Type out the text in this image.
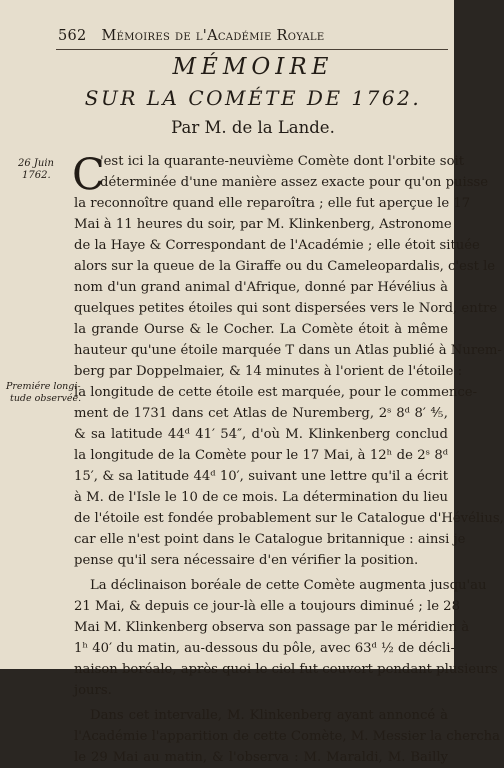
562 Mémoires de l'Académie Royale
MÉMOIRE
SUR LA COMÉTE DE 1762.
Par M. de la Lande.
26 Juin
1762.
Premiére longi-
tude observée.
C
'est ici la quarante-neuvième Comète dont l'orbite soit
déterminée d'une manière assez exacte pour qu'on puisse
la reconnoître quand elle reparoîtra ; elle fut aperçue le 17
Mai à 11 heures du soir, par M. Klinkenberg, Astronome
de la Haye & Correspondant de l'Académie ; elle étoit située
alors sur la queue de la Giraffe ou du Cameleopardalis, c'est le
nom d'un grand animal d'Afrique, donné par Hévélius à
quelques petites étoiles qui sont dispersées vers le Nord, entre
la grande Ourse & le Cocher. La Comète étoit à même
hauteur qu'une étoile marquée T dans un Atlas publié à Nurem-
berg par Doppelmaier, & 14 minutes à l'orient de l'étoile :
la longitude de cette étoile est marquée, pour le commence-
ment de 1731 dans cet Atlas de Nuremberg, 2ˢ 8ᵈ 8′ ⅘,
& sa latitude 44ᵈ 41′ 54″, d'où M. Klinkenberg conclud
la longitude de la Comète pour le 17 Mai, à 12ʰ de 2ˢ 8ᵈ
15′, & sa latitude 44ᵈ 10′, suivant une lettre qu'il a écrit
à M. de l'Isle le 10 de ce mois. La détermination du lieu
de l'étoile est fondée probablement sur le Catalogue d'Hévélius,
car elle n'est point dans le Catalogue britannique : ainsi je
pense qu'il sera nécessaire d'en vérifier la position.
La déclinaison boréale de cette Comète augmenta jusqu'au
21 Mai, & depuis ce jour-là elle a toujours diminué ; le 28
Mai M. Klinkenberg observa son passage par le méridien à
1ʰ 40′ du matin, au-dessous du pôle, avec 63ᵈ ½ de décli-
naison boréale, après quoi le ciel fut couvert pendant plusieurs
jours.
Dans cet intervalle, M. Klinkenberg ayant annoncé à
l'Académie l'apparition de cette Comète, M. Messier la chercha
le 29 Mai au matin, & l'observa : M. Maraldi, M. Bailly
